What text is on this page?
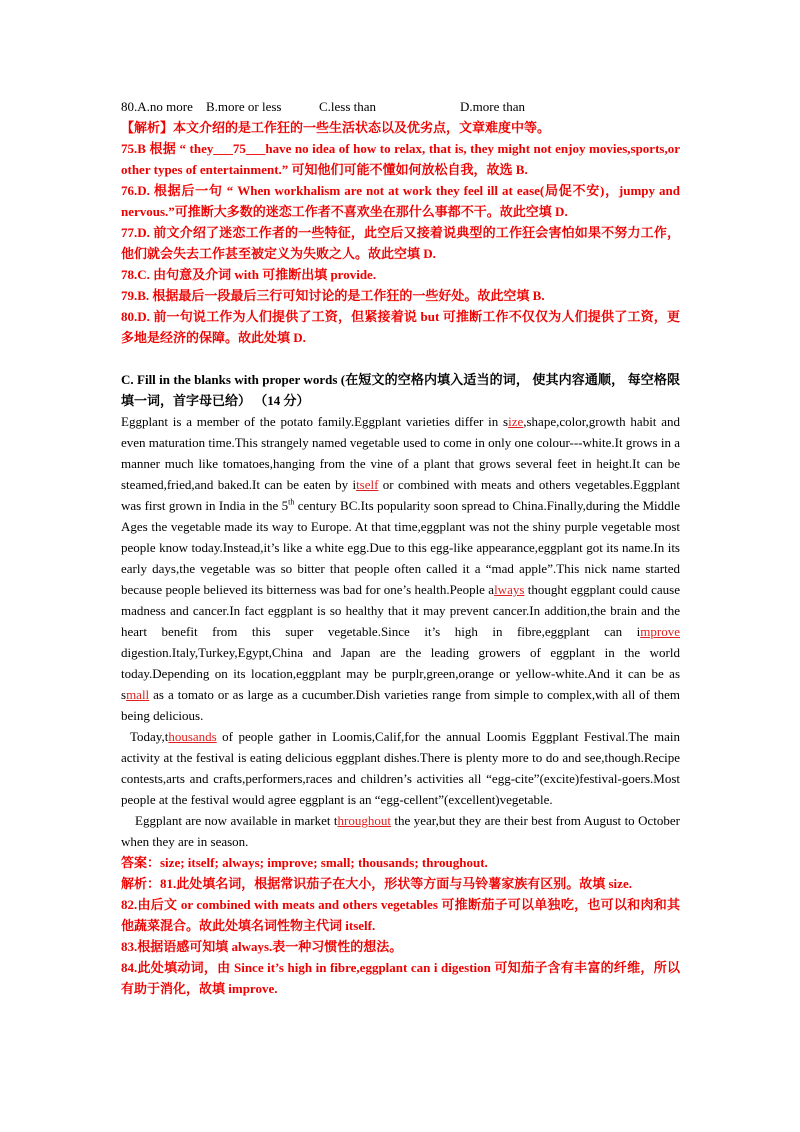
80.A.no more B.more or less	C.less than	D.more than
【解析】本文介绍的是工作狂的一些生活状态以及优劣点，文章难度中等。
75.B 根据 “ they___75___have no idea of how to relax, that is, they might not enjoy movies,sports,or other types of entertainment.” 可知他们可能不懂如何放松自我，故选 B.
76.D. 根据后一句 “ When workhalism are not at work they feel ill at ease(局促不安)，jumpy and nervous.”可推断大多数的迷恋工作者不喜欢坐在那什么事都不干。故此空填 D.
77.D. 前文介绍了迷恋工作者的一些特征，此空后又接着说典型的工作狂会害怕如果不努力工作，他们就会失去工作甚至被定义为失败之人。故此空填 D.
78.C. 由句意及介词 with 可推断出填 provide.
79.B. 根据最后一段最后三行可知讨论的是工作狂的一些好处。故此空填 B.
80.D. 前一句说工作为人们提供了工资，但紧接着说 but 可推断工作不仅仅为人们提供了工资，更多地是经济的保障。故此处填 D.
C. Fill in the blanks with proper words (在短文的空格内填入适当的词， 使其内容通顺， 每空格限填一词，首字母已给） （14 分）
Eggplant is a member of the potato family.Eggplant varieties differ in size,shape,color,growth habit and even maturation time.This strangely named vegetable used to come in only one colour---white.It grows in a manner much like tomatoes,hanging from the vine of a plant that grows several feet in height.It can be steamed,fried,and baked.It can be eaten by itself or combined with meats and others vegetables.Eggplant was first grown in India in the 5th century BC.Its popularity soon spread to China.Finally,during the Middle Ages the vegetable made its way to Europe. At that time,eggplant was not the shiny purple vegetable most people know today.Instead,it’s like a white egg.Due to this egg-like appearance,eggplant got its name.In its early days,the vegetable was so bitter that people often called it a “mad apple”.This nick name started because people believed its bitterness was bad for one’s health.People always thought eggplant could cause madness and cancer.In fact eggplant is so healthy that it may prevent cancer.In addition,the brain and the heart benefit from this super vegetable.Since it’s high in fibre,eggplant can improve digestion.Italy,Turkey,Egypt,China and Japan are the leading growers of eggplant in the world today.Depending on its location,eggplant may be purplr,green,orange or yellow-white.And it can be as small as a tomato or as large as a cucumber.Dish varieties range from simple to complex,with all of them being delicious.
Today,thousands of people gather in Loomis,Calif,for the annual Loomis Eggplant Festival.The main activity at the festival is eating delicious eggplant dishes.There is plenty more to do and see,though.Recipe contests,arts and crafts,performers,races and children’s activities all “egg-cite”(excite)festival-goers.Most people at the festival would agree eggplant is an “egg-cellent”(excellent)vegetable.
Eggplant are now available in market throughout the year,but they are their best from August to October when they are in season.
答案：size; itself; always; improve; small; thousands; throughout.
解析：81.此处填名词，根据常识茄子在大小，形状等方面与马铃薯家族有区别。故填 size.
82.由后文 or combined with meats and others vegetables 可推断茄子可以单独吃，也可以和肉和其他蔬菜混合。故此处填名词性物主代词 itself.
83.根据语感可知填 always.表一种习惯性的想法。
84.此处填动词，由 Since it’s high in fibre,eggplant can i digestion 可知茄子含有丰富的纤维，所以有助于消化，故填 improve.
